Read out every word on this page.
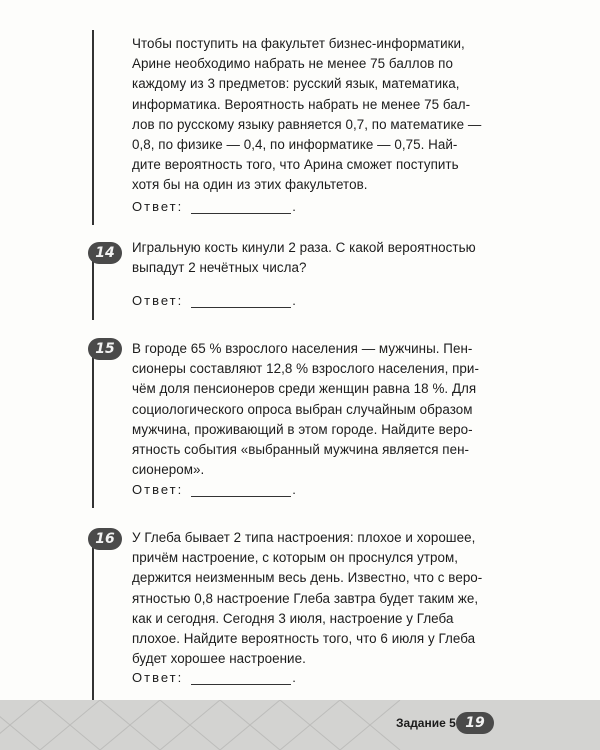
Чтобы поступить на факультет бизнес-информатики,

Арине необходимо набрать не менее 75 баллов по

каждому из 3 предметов: русский язык, математика,

информатика. Вероятность набрать не менее 75 бал-

лов по русскому языку равняется 0,7, по математике —

0,8, по физике — 0,4, по информатике — 0,75. Най-

дите вероятность того, что Арина сможет поступить

хотя бы на один из этих факультетов.

Ответ:	.
14	Игральную кость кинули 2 раза. С какой вероятностью

выпадут 2 нечётных числа?

Ответ:	.
15	В городе 65 % взрослого населения — мужчины. Пен-

сионеры составляют 12,8 % взрослого населения, при-

чём доля пенсионеров среди женщин равна 18 %. Для

социологического опроса выбран случайным образом

мужчина, проживающий в этом городе. Найдите веро-

ятность события «выбранный мужчина является пен-

сионером».

Ответ:	.
16	У Глеба бывает 2 типа настроения: плохое и хорошее,

причём настроение, с которым он проснулся утром,

держится неизменным весь день. Известно, что с веро-

ятностью 0,8 настроение Глеба завтра будет таким же,

как и сегодня. Сегодня 3 июля, настроение у Глеба

плохое. Найдите вероятность того, что 6 июля у Глеба

будет хорошее настроение.

Ответ:	.
Задание 5 19
